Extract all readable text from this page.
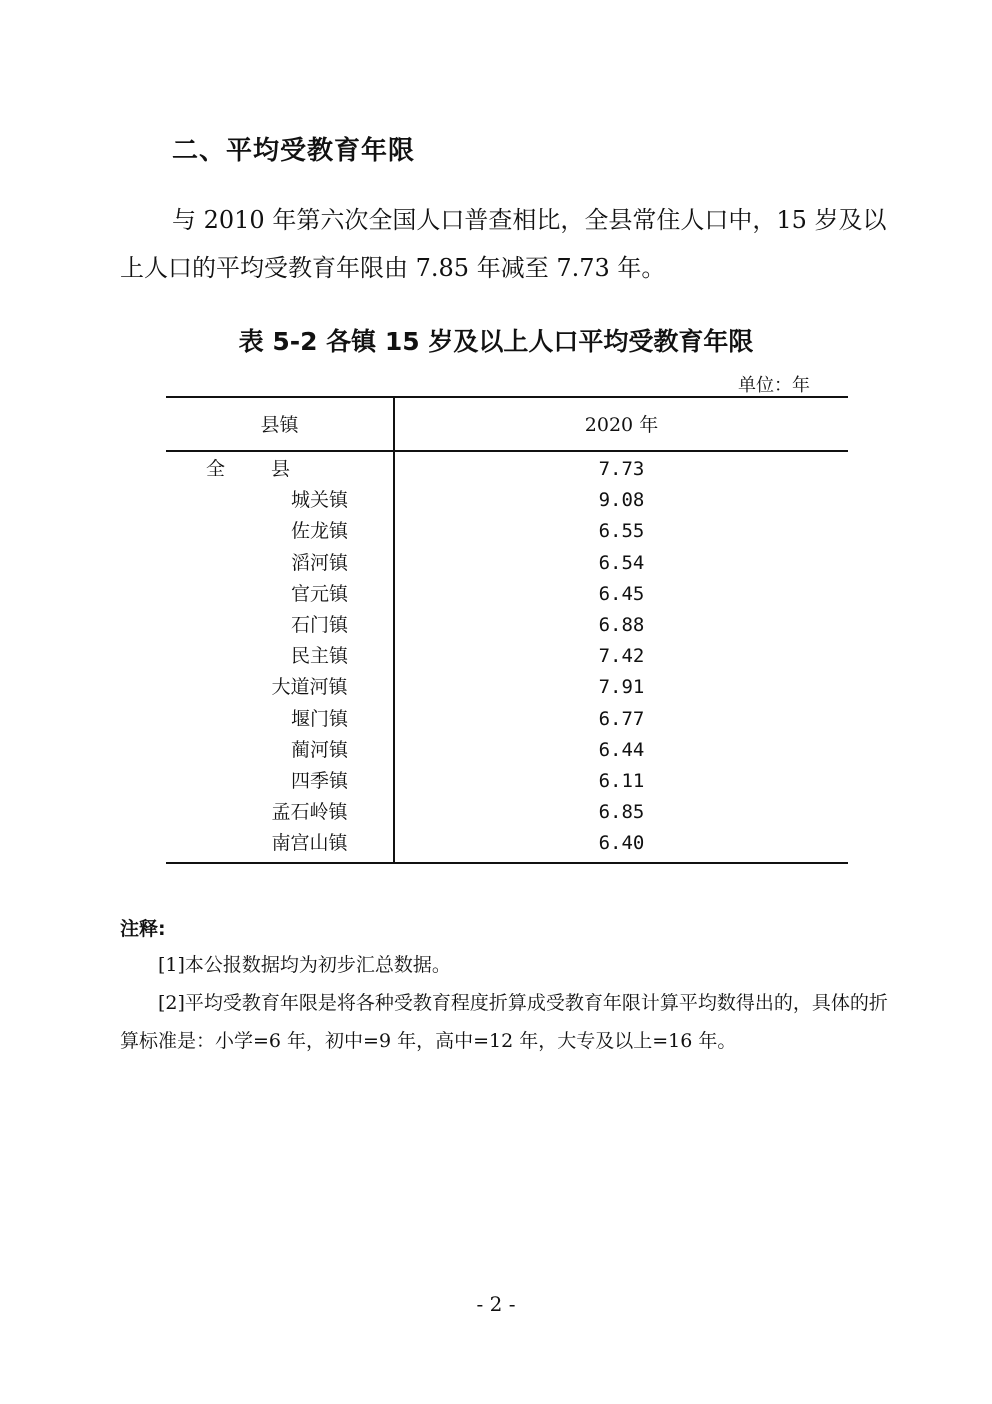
二、平均受教育年限
与 2010 年第六次全国人口普查相比，全县常住人口中，15 岁及以上人口的平均受教育年限由 7.85 年减至 7.73 年。
表 5-2 各镇 15 岁及以上人口平均受教育年限
单位：年
县镇	2020 年
全 县	7.73
城关镇	9.08
佐龙镇	6.55
滔河镇	6.54
官元镇	6.45
石门镇	6.88
民主镇	7.42
大道河镇	7.91
堰门镇	6.77
蔺河镇	6.44
四季镇	6.11
孟石岭镇	6.85
南宫山镇	6.40
注释:
[1]本公报数据均为初步汇总数据。
[2]平均受教育年限是将各种受教育程度折算成受教育年限计算平均数得出的，具体的折算标准是：小学=6 年，初中=9 年，高中=12 年，大专及以上=16 年。
- 2 -
